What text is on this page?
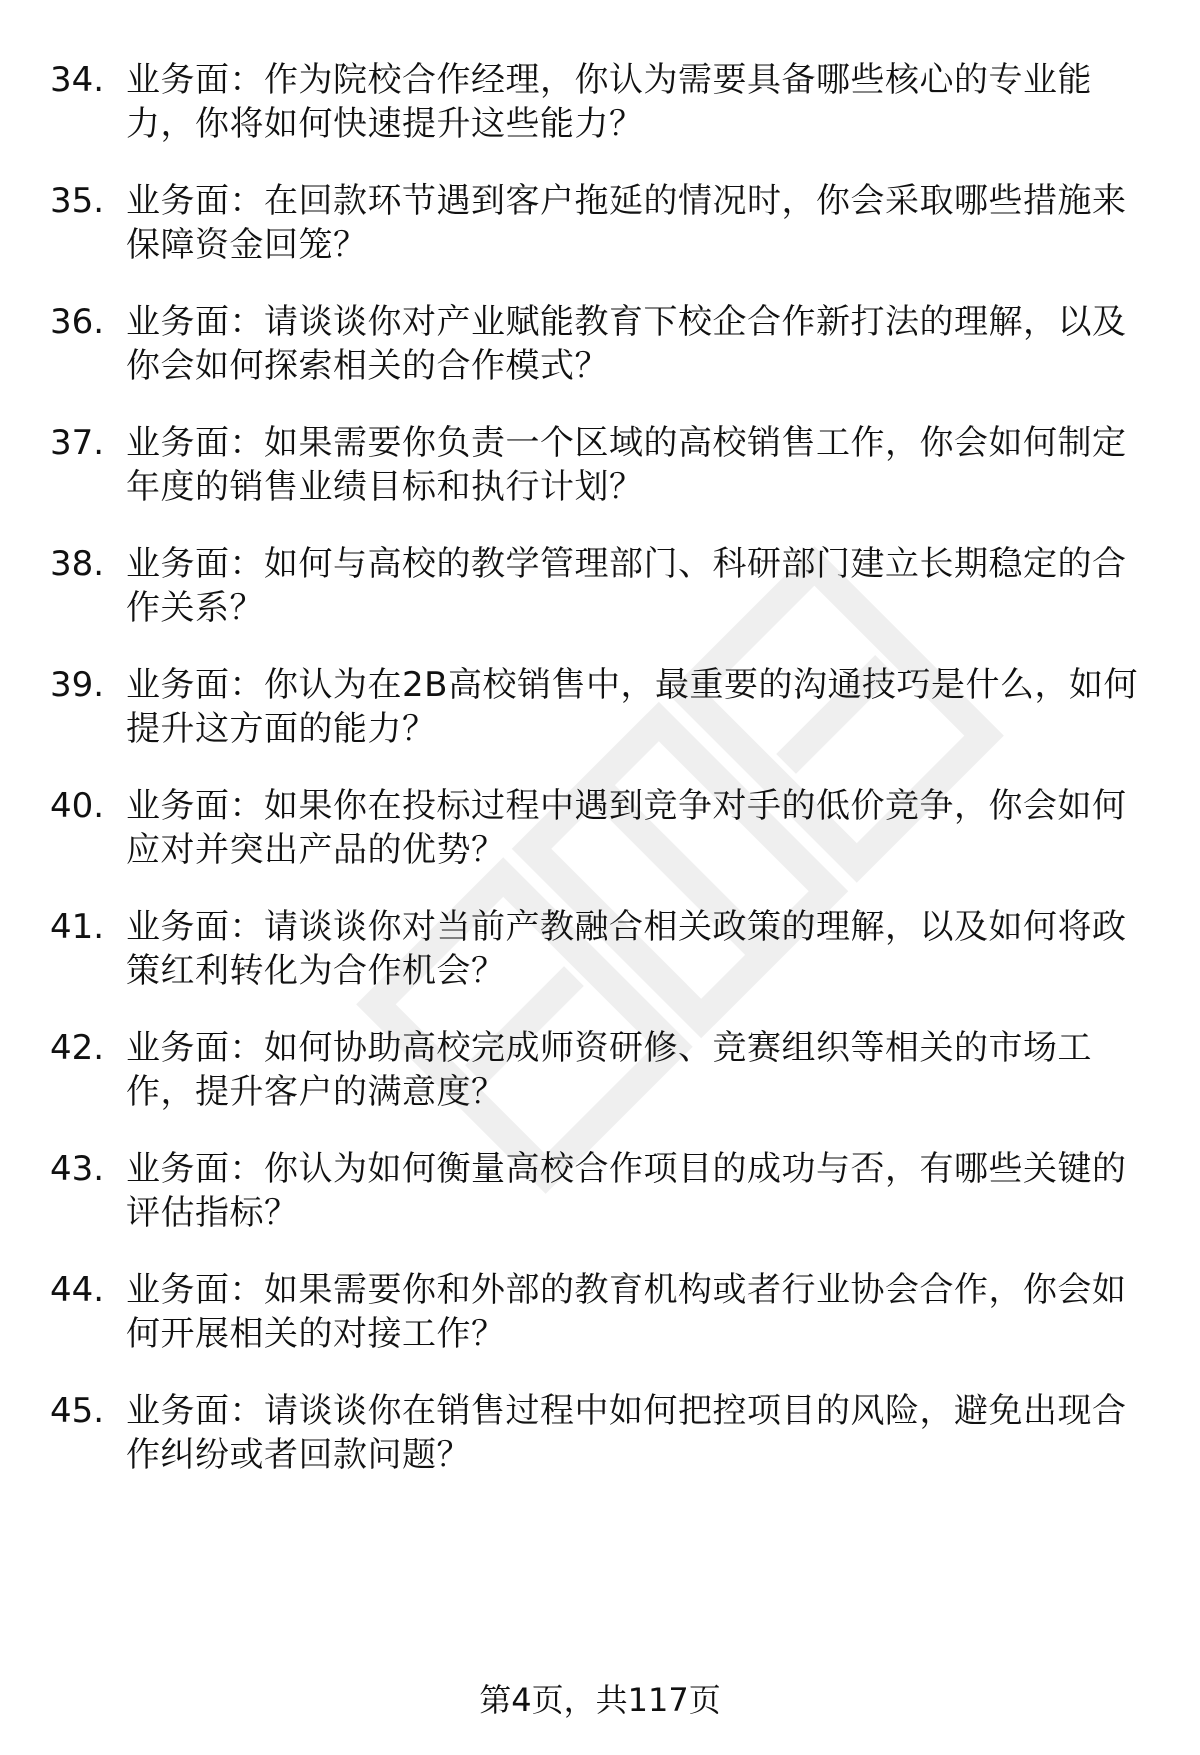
34. 业务面：作为院校合作经理，你认为需要具备哪些核心的专业能力，你将如何快速提升这些能力？
35. 业务面：在回款环节遇到客户拖延的情况时，你会采取哪些措施来保障资金回笼？
36. 业务面：请谈谈你对产业赋能教育下校企合作新打法的理解，以及你会如何探索相关的合作模式？
37. 业务面：如果需要你负责一个区域的高校销售工作，你会如何制定年度的销售业绩目标和执行计划？
38. 业务面：如何与高校的教学管理部门、科研部门建立长期稳定的合作关系？
39. 业务面：你认为在2B高校销售中，最重要的沟通技巧是什么，如何提升这方面的能力？
40. 业务面：如果你在投标过程中遇到竞争对手的低价竞争，你会如何应对并突出产品的优势？
41. 业务面：请谈谈你对当前产教融合相关政策的理解，以及如何将政策红利转化为合作机会？
42. 业务面：如何协助高校完成师资研修、竞赛组织等相关的市场工作，提升客户的满意度？
43. 业务面：你认为如何衡量高校合作项目的成功与否，有哪些关键的评估指标？
44. 业务面：如果需要你和外部的教育机构或者行业协会合作，你会如何开展相关的对接工作？
45. 业务面：请谈谈你在销售过程中如何把控项目的风险，避免出现合作纠纷或者回款问题？
第4页，共117页
